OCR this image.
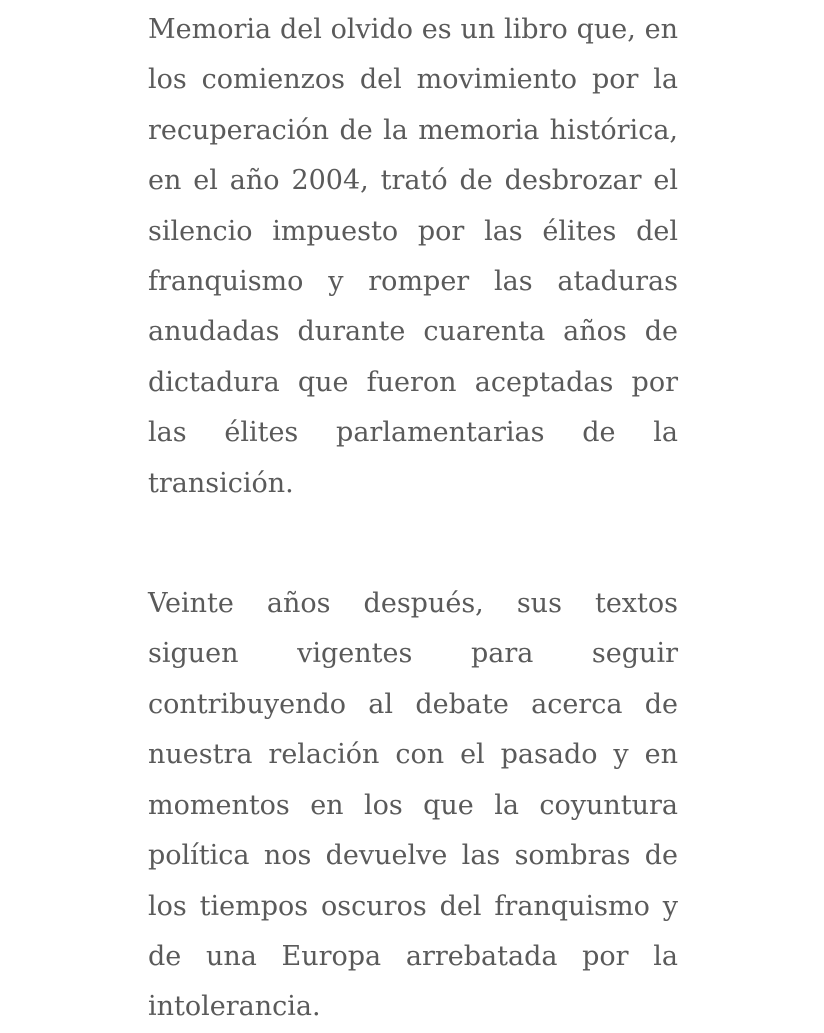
Memoria del olvido es un libro que, en los comienzos del movimiento por la recuperación de la memoria histórica, en el año 2004, trató de desbrozar el silencio impuesto por las élites del franquismo y romper las ataduras anudadas durante cuarenta años de dictadura que fueron aceptadas por las élites parlamentarias de la transición.

Veinte años después, sus textos siguen vigentes para seguir contribuyendo al debate acerca de nuestra relación con el pasado y en momentos en los que la coyuntura política nos devuelve las sombras de los tiempos oscuros del franquismo y de una Europa arrebatada por la intolerancia.
